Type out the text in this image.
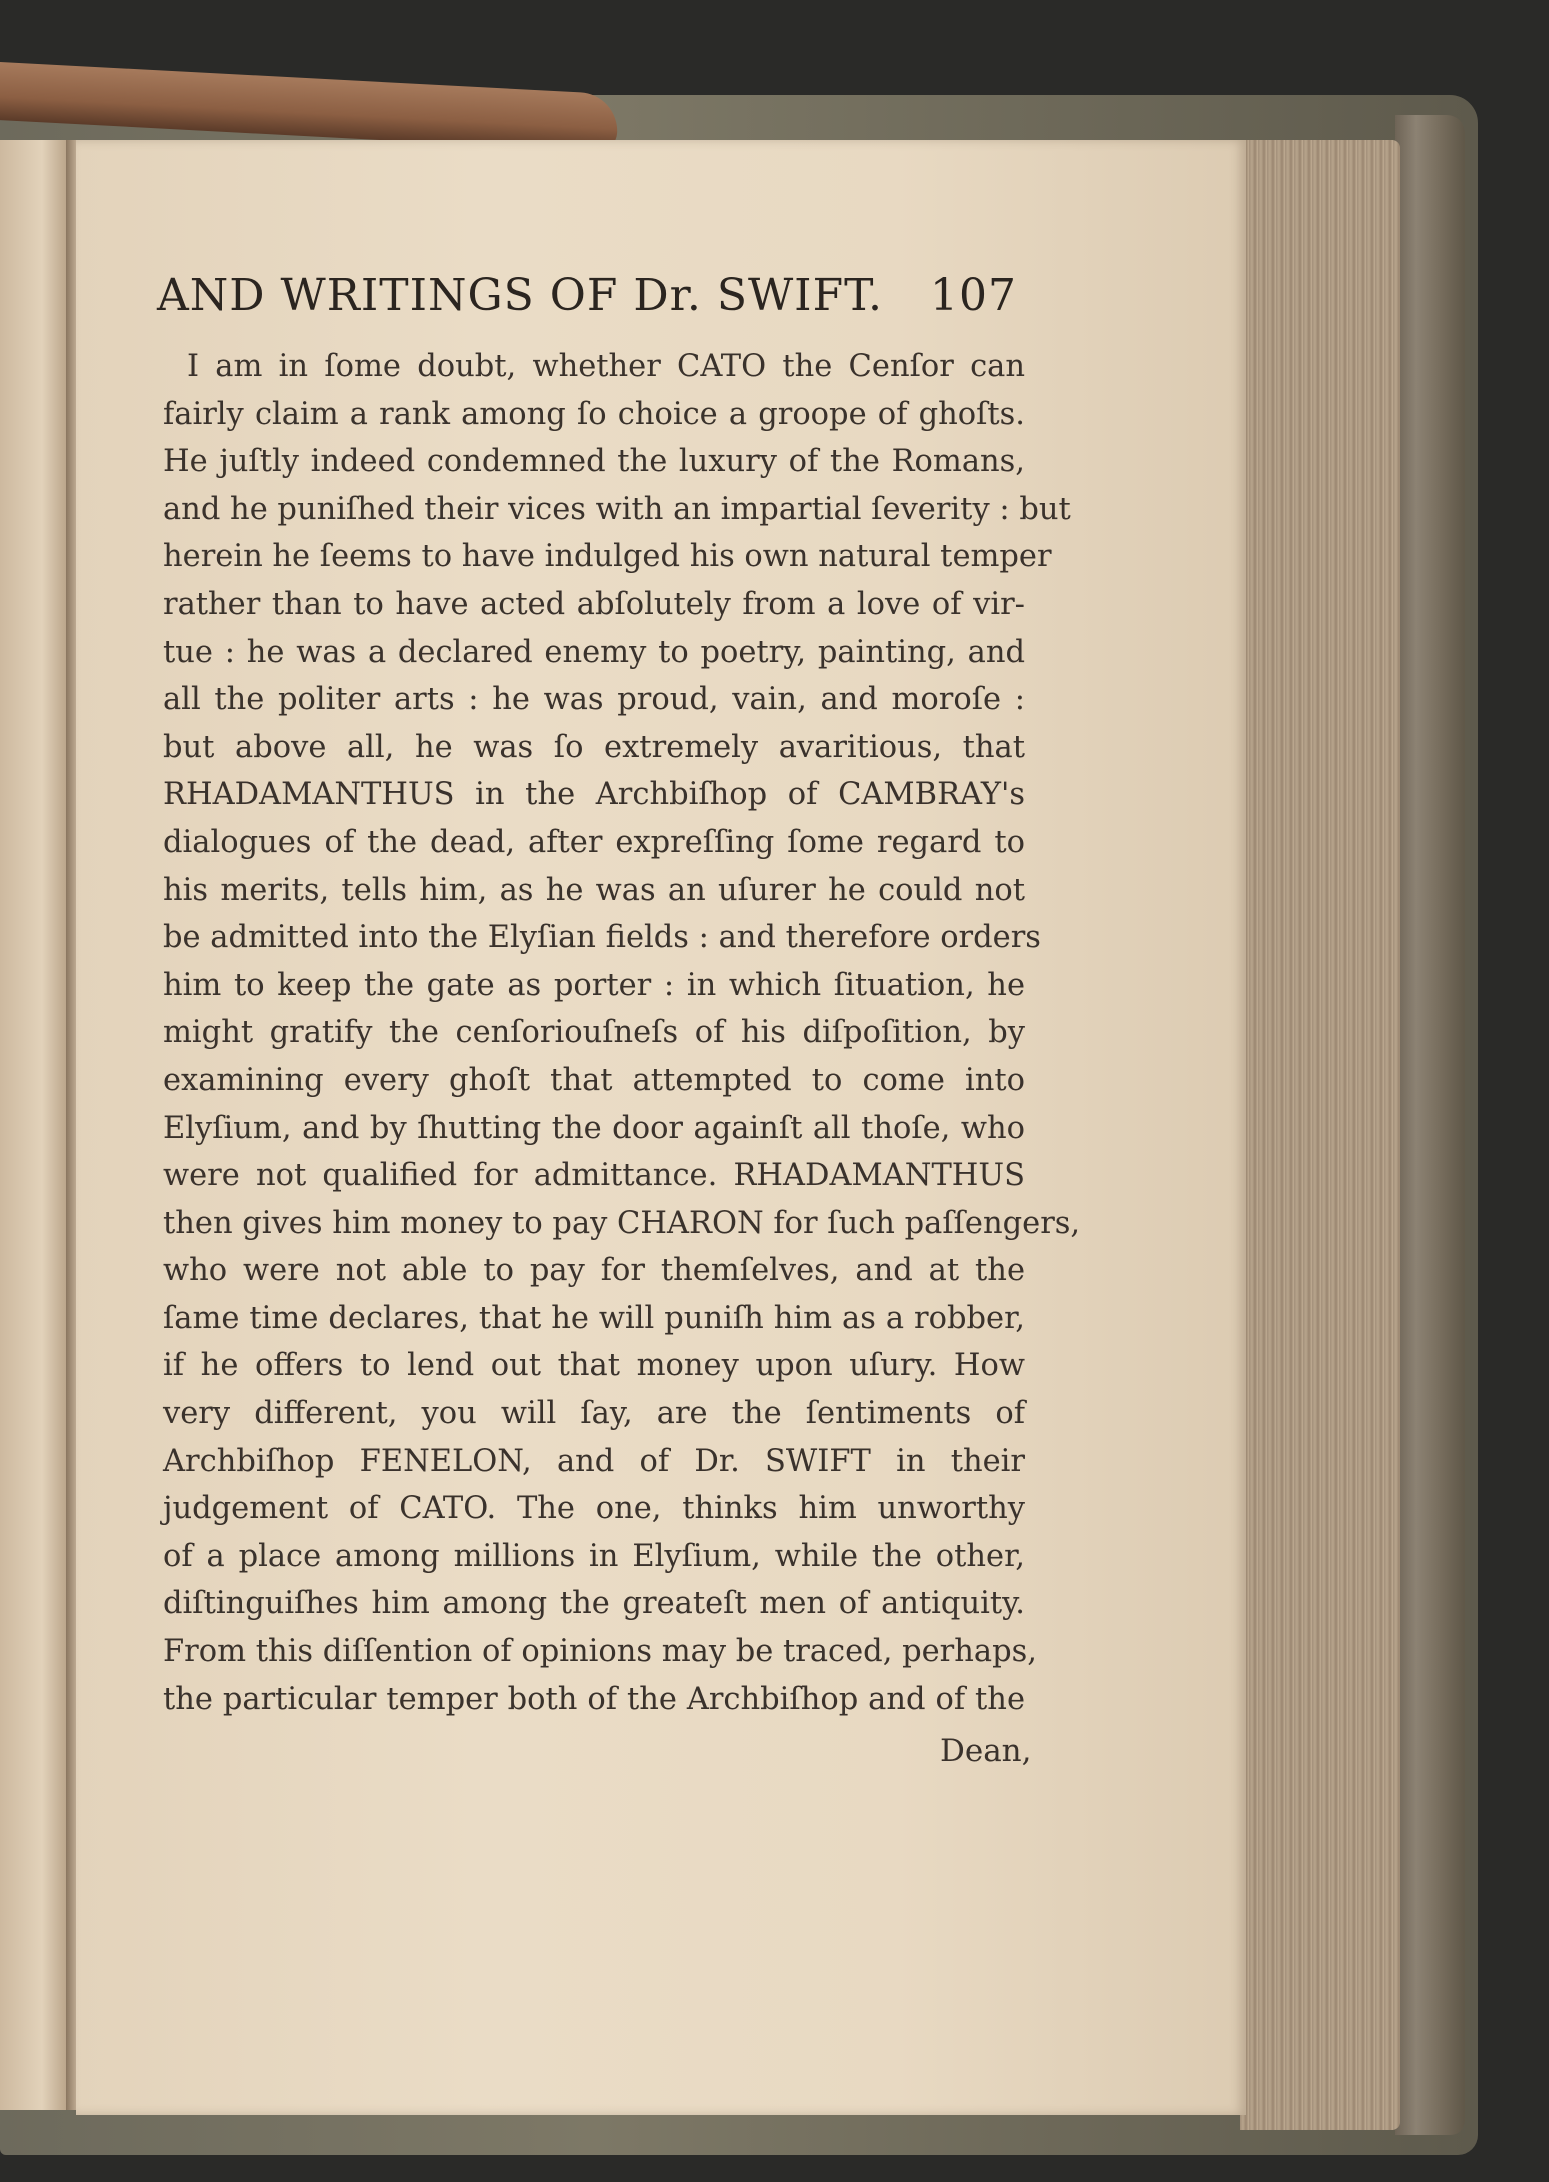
AND WRITINGS OF Dr. SWIFT. 107
I am in ſome doubt, whether CATO the Cenſor can
fairly claim a rank among ſo choice a groope of ghoſts.
He juſtly indeed condemned the luxury of the Romans,
and he puniſhed their vices with an impartial ſeverity : but
herein he ſeems to have indulged his own natural temper
rather than to have acted abſolutely from a love of vir-
tue : he was a declared enemy to poetry, painting, and
all the politer arts : he was proud, vain, and moroſe :
but above all, he was ſo extremely avaritious, that
RHADAMANTHUS in the Archbiſhop of CAMBRAY's
dialogues of the dead, after expreſſing ſome regard to
his merits, tells him, as he was an uſurer he could not
be admitted into the Elyſian fields : and therefore orders
him to keep the gate as porter : in which ſituation, he
might gratify the cenſoriouſneſs of his diſpoſition, by
examining every ghoſt that attempted to come into
Elyſium, and by ſhutting the door againſt all thoſe, who
were not qualified for admittance. RHADAMANTHUS
then gives him money to pay CHARON for ſuch paſſengers,
who were not able to pay for themſelves, and at the
ſame time declares, that he will puniſh him as a robber,
if he offers to lend out that money upon uſury. How
very different, you will ſay, are the ſentiments of
Archbiſhop FENELON, and of Dr. SWIFT in their
judgement of CATO. The one, thinks him unworthy
of a place among millions in Elyſium, while the other,
diſtinguiſhes him among the greateſt men of antiquity.
From this diſſention of opinions may be traced, perhaps,
the particular temper both of the Archbiſhop and of the
Dean,
